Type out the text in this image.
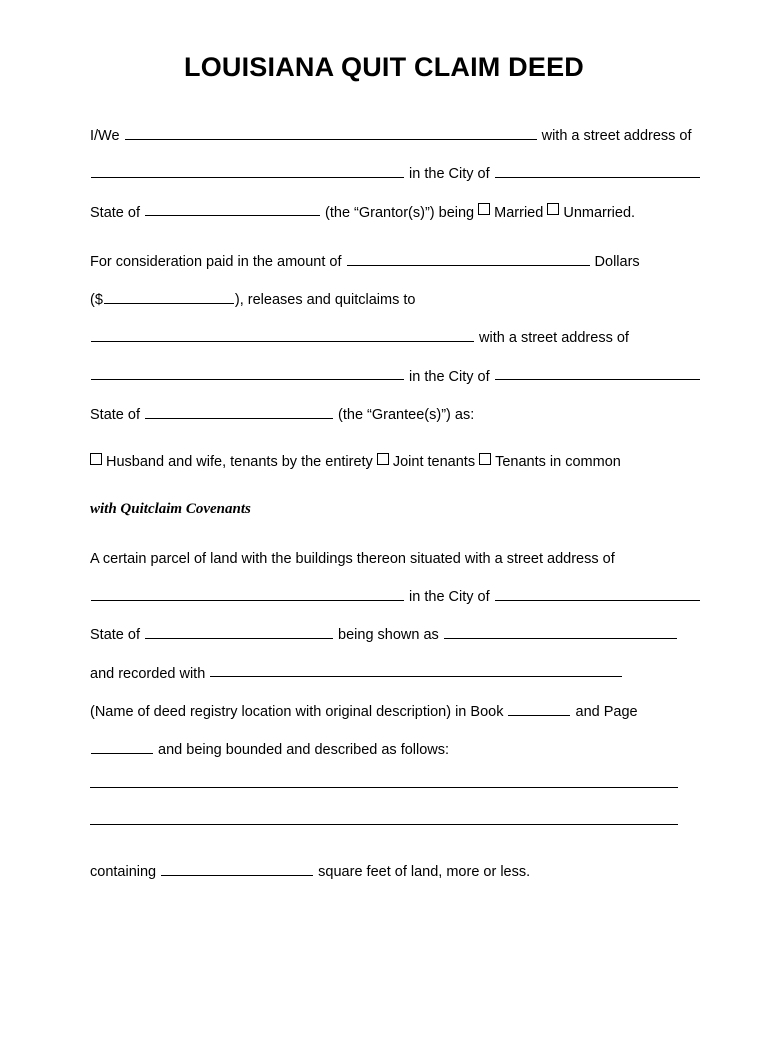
LOUISIANA QUIT CLAIM DEED
I/We	with a street address of
in the City of
State of	(the “Grantor(s)”) being Married Unmarried.
For consideration paid in the amount of	Dollars
($	), releases and quitclaims to
with a street address of
in the City of
State of	(the “Grantee(s)”) as:
Husband and wife, tenants by the entirety Joint tenants Tenants in common
with Quitclaim Covenants
A certain parcel of land with the buildings thereon situated with a street address of
in the City of
State of	being shown as
and recorded with
(Name of deed registry location with original description) in Book	and Page
and being bounded and described as follows:
containing	square feet of land, more or less.
